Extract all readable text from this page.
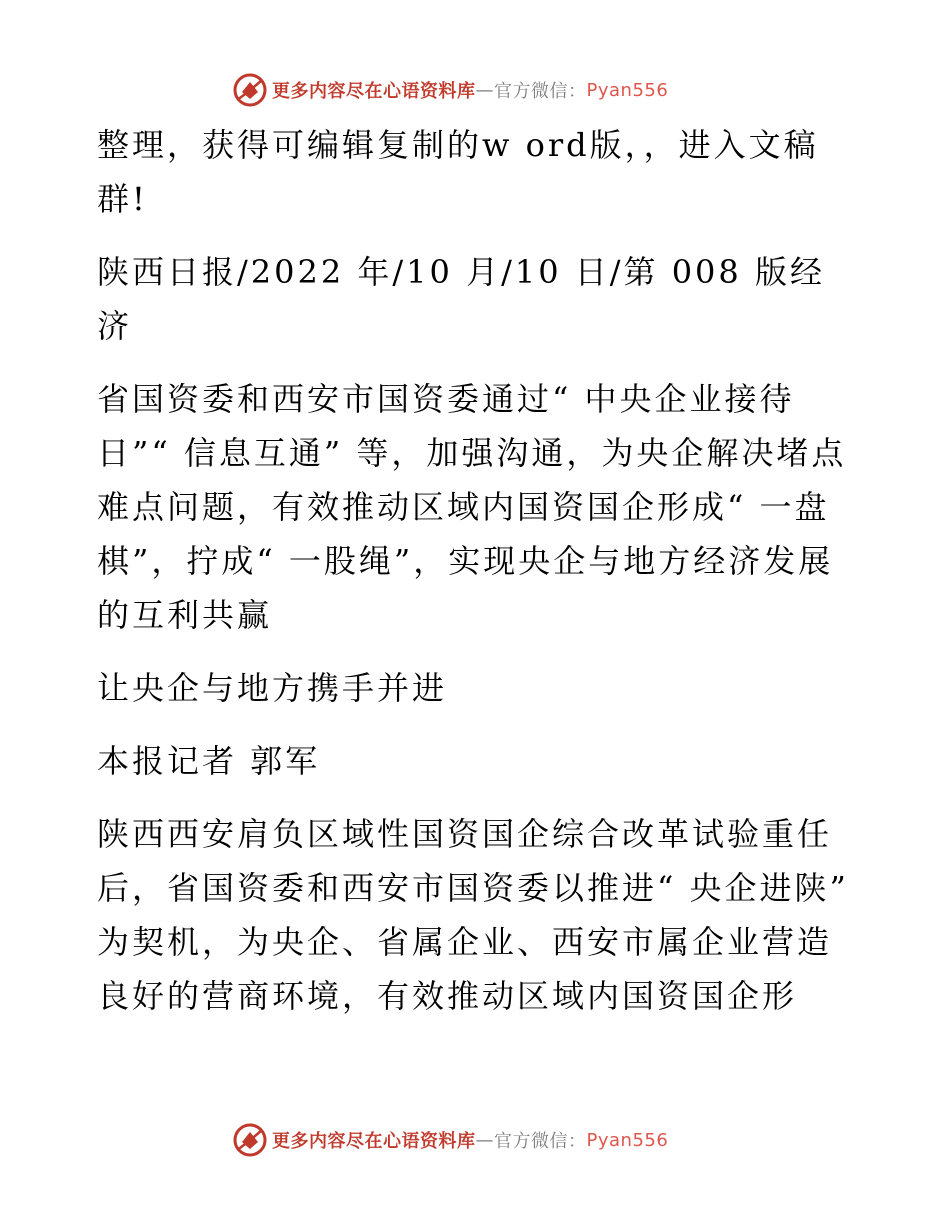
更多内容尽在心语资料库 — 官方微信： Pyan556

整理，获得可编辑复制的w ord版，，进入文稿群!

陕西日报/2022 年/10 月/10 日/第 008 版经济

省国资委和西安市国资委通过“ 中央企业接待日”“ 信息互通” 等，加强沟通，为央企解决堵点难点问题，有效推动区域内国资国企形成“ 一盘棋”，拧成“ 一股绳”，实现央企与地方经济发展的互利共赢

让央企与地方携手并进

本报记者 郭军

陕西西安肩负区域性国资国企综合改革试验重任后，省国资委和西安市国资委以推进“ 央企进陕” 为契机，为央企、省属企业、西安市属企业营造良好的营商环境，有效推动区域内国资国企形

更多内容尽在心语资料库 — 官方微信： Pyan556
